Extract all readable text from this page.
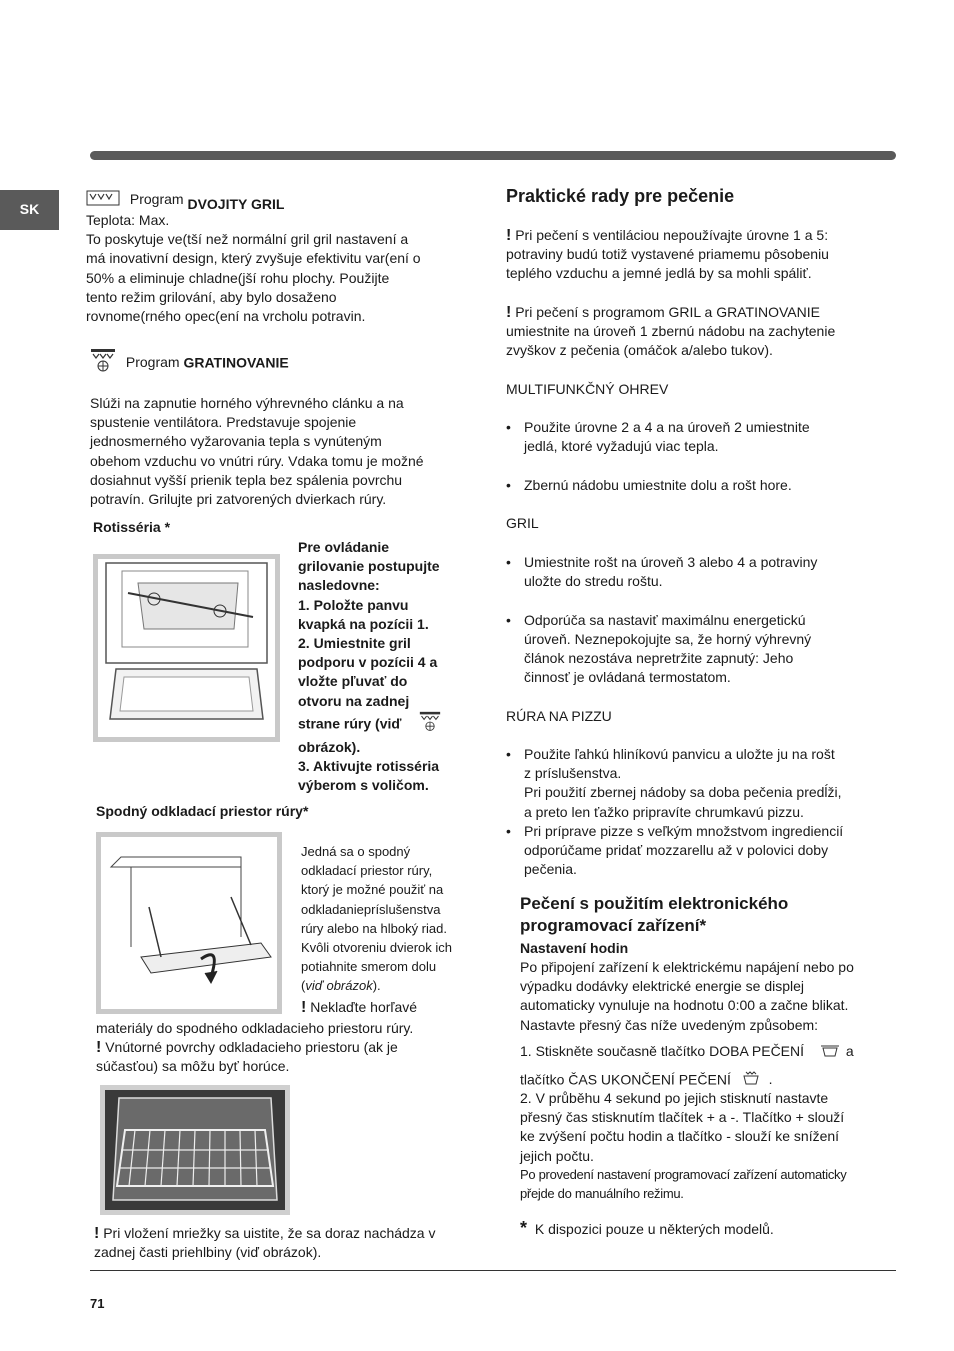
SK
Program DVOJITY GRIL

Teplota: Max.

To poskytuje ve(tší než normální gril gril nastavení a

má inovativní design, který zvyšuje efektivitu var(ení o

50% a eliminuje chladne(jší rohu plochy. Použijte

tento režim grilování, aby bylo dosaženo

rovnome(rného opec(ení na vrcholu potravin.

Program GRATINOVANIE

Slúži na zapnutie horného výhrevného clánku a na

spustenie ventilátora. Predstavuje spojenie

jednosmerného vyžarovania tepla s vynúteným

obehom vzduchu vo vnútri rúry. Vdaka tomu je možné

dosiahnut vyšší prienik tepla bez spálenia povrchu

potravín. Grilujte pri zatvorených dvierkach rúry.

Rotisséria *

Pre ovládanie

grilovanie postupujte

nasledovne:

1. Položte panvu

kvapká na pozícii 1.

2. Umiestnite gril

podporu v pozícii 4 a

vložte pľuvať do

otvoru na zadnej

strane rúry (viď

obrázok).

3. Aktivujte rotisséria

výberom s voličom.

Spodný odkladací priestor rúry*

Jedná sa o spodný

odkladací priestor rúry,

ktorý je možné použiť na

odkladaniepríslušenstva

rúry alebo na hlboký riad.

Kvôli otvoreniu dvierok ich

potiahnite smerom dolu

(viď obrázok).

! Neklaďte horľavé

materiály do spodného odkladacieho priestoru rúry.

! Vnútorné povrchy odkladacieho priestoru (ak je

súčasťou) sa môžu byť horúce.

! Pri vložení mriežky sa uistite, že sa doraz nachádza v

zadnej časti priehlbiny (viď obrázok).

Praktické rady pre pečenie

! Pri pečení s ventiláciou nepoužívajte úrovne 1 a 5:

potraviny budú totiž vystavené priamemu pôsobeniu

teplého vzduchu a jemné jedlá by sa mohli spáliť.

! Pri pečení s programom GRIL a GRATINOVANIE

umiestnite na úroveň 1 zbernú nádobu na zachytenie

zvyškov z pečenia (omáčok a/alebo tukov).

MULTIFUNKČNÝ OHREV

• Použite úrovne 2 a 4 a na úroveň 2 umiestnite

jedlá, ktoré vyžadujú viac tepla.

• Zbernú nádobu umiestnite dolu a rošt hore.

GRIL

• Umiestnite rošt na úroveň 3 alebo 4 a potraviny

uložte do stredu roštu.

• Odporúča sa nastaviť maximálnu energetickú

úroveň. Neznepokojujte sa, že horný výhrevný

článok nezostáva nepretržite zapnutý: Jeho

činnosť je ovládaná termostatom.

RÚRA NA PIZZU

• Použite ľahkú hliníkovú panvicu a uložte ju na rošt

z príslušenstva.

Pri použití zbernej nádoby sa doba pečenia predĺži,

a preto len ťažko pripravíte chrumkavú pizzu.

• Pri príprave pizze s veľkým množstvom ingrediencií

odporúčame pridať mozzarellu až v polovici doby

pečenia.

Pečení s použitím elektronického

programovací zařízení*

Nastavení hodin

Po připojení zařízení k elektrickému napájení nebo po

výpadku dodávky elektrické energie se displej

automaticky vynuluje na hodnotu 0:00 a začne blikat.

Nastavte přesný čas níže uvedeným způsobem:

1. Stiskněte současně tlačítko DOBA PEČENÍ	a

tlačítko ČAS UKONČENÍ PEČENÍ	.

2. V průběhu 4 sekund po jejich stisknutí nastavte

přesný čas stisknutím tlačítek + a -. Tlačítko + slouží

ke zvýšení počtu hodin a tlačítko - slouží ke snížení

jejich počtu.

Po provedení nastavení programovací zařízení automaticky

přejde do manuálního režimu.

* K dispozici pouze u některých modelů.
71
